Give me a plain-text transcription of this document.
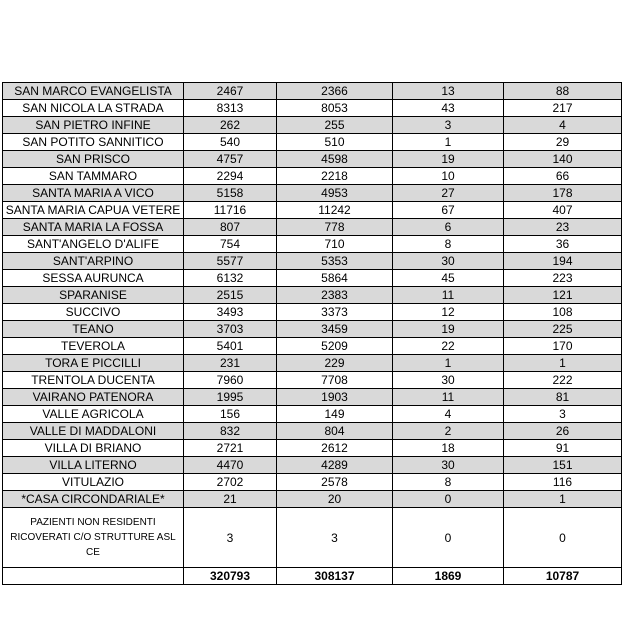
SAN MARCO EVANGELISTA	2467	2366	13	88
SAN NICOLA LA STRADA	8313	8053	43	217
SAN PIETRO INFINE	262	255	3	4
SAN POTITO SANNITICO	540	510	1	29
SAN PRISCO	4757	4598	19	140
SAN TAMMARO	2294	2218	10	66
SANTA MARIA A VICO	5158	4953	27	178
SANTA MARIA CAPUA VETERE	11716	11242	67	407
SANTA MARIA LA FOSSA	807	778	6	23
SANT'ANGELO D'ALIFE	754	710	8	36
SANT'ARPINO	5577	5353	30	194
SESSA AURUNCA	6132	5864	45	223
SPARANISE	2515	2383	11	121
SUCCIVO	3493	3373	12	108
TEANO	3703	3459	19	225
TEVEROLA	5401	5209	22	170
TORA E PICCILLI	231	229	1	1
TRENTOLA DUCENTA	7960	7708	30	222
VAIRANO PATENORA	1995	1903	11	81
VALLE AGRICOLA	156	149	4	3
VALLE DI MADDALONI	832	804	2	26
VILLA DI BRIANO	2721	2612	18	91
VILLA LITERNO	4470	4289	30	151
VITULAZIO	2702	2578	8	116
*CASA CIRCONDARIALE*	21	20	0	1
PAZIENTI NON RESIDENTI RICOVERATI C/O STRUTTURE ASL CE	3	3	0	0
	320793	308137	1869	10787
